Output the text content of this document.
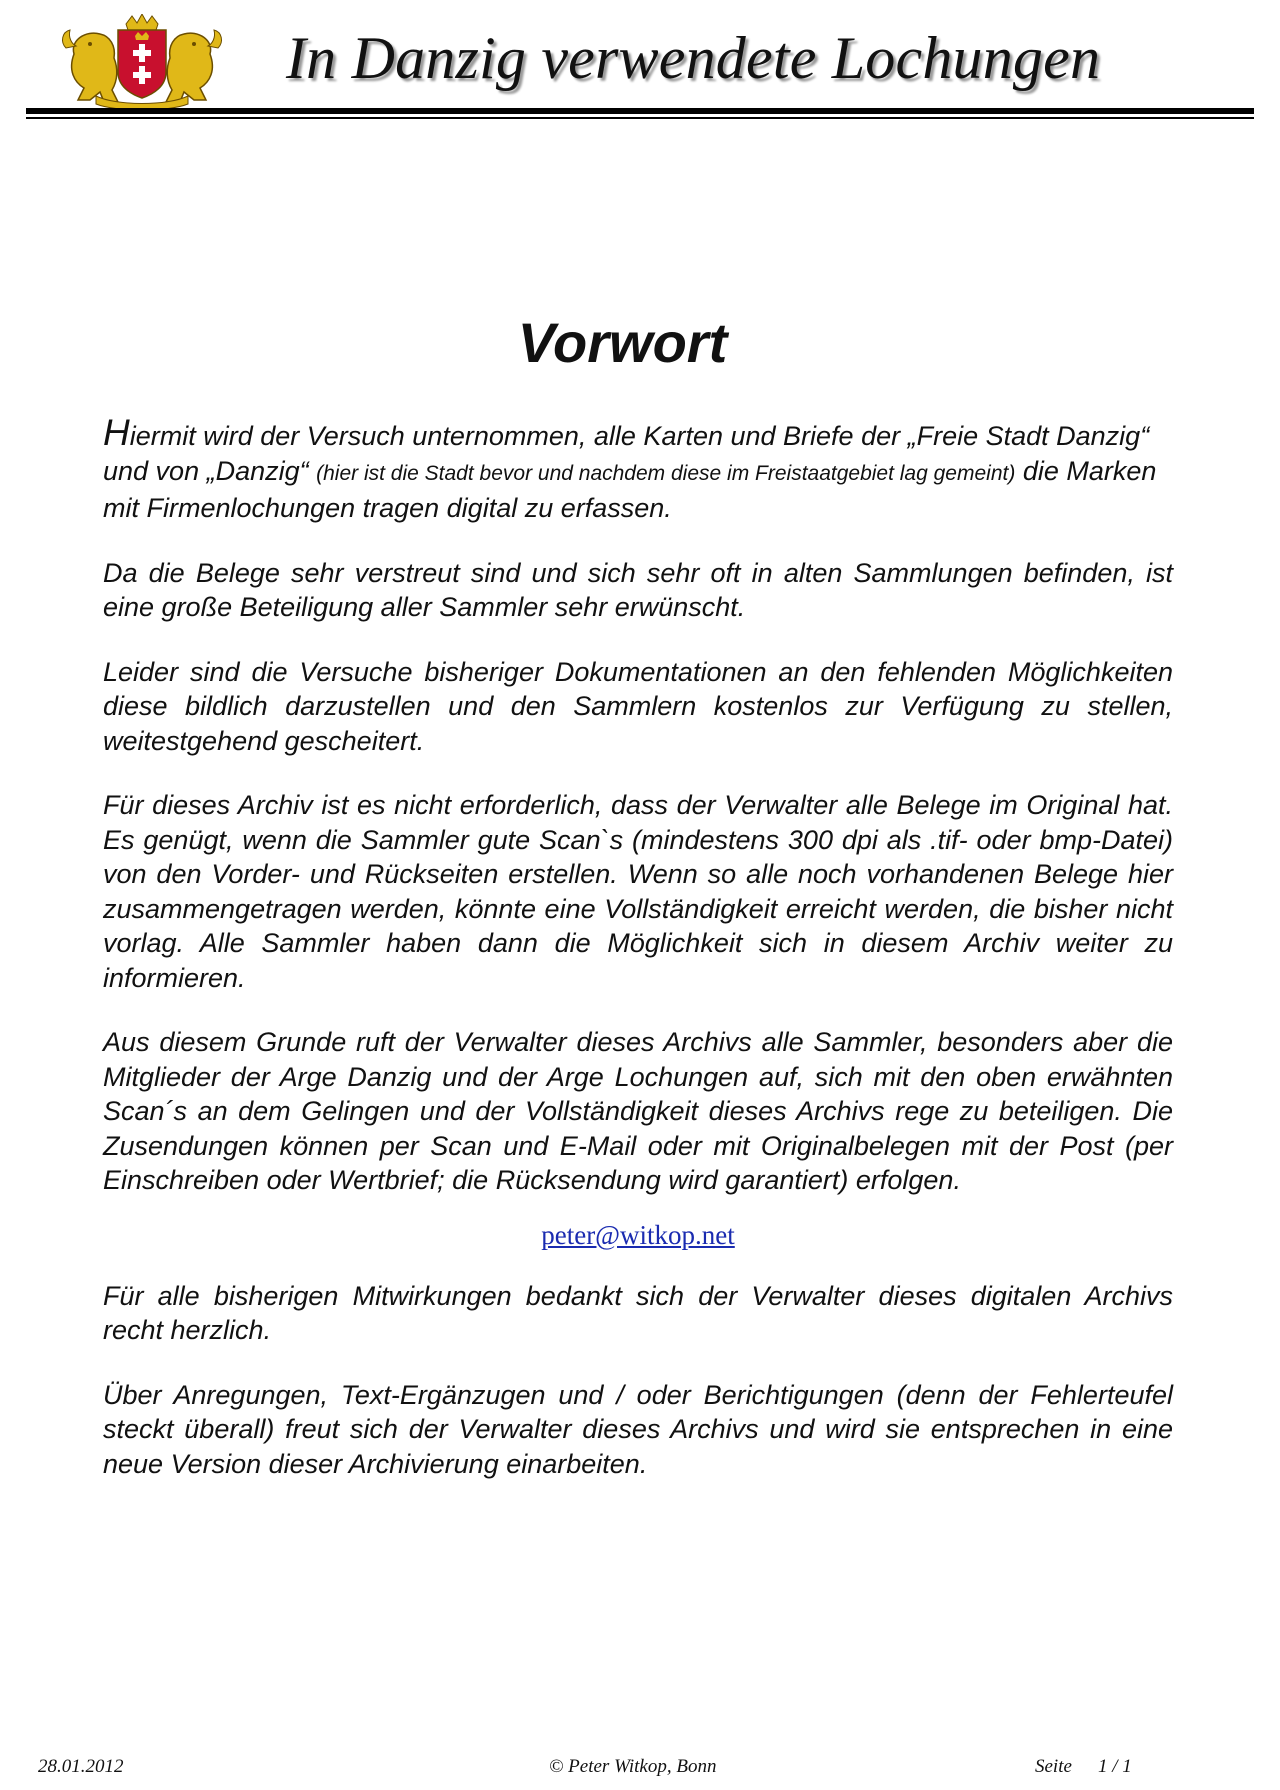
In Danzig verwendete Lochungen
Vorwort

Hiermit wird der Versuch unternommen, alle Karten und Briefe der „Freie Stadt Danzig“ und von „Danzig“ (hier ist die Stadt bevor und nachdem diese im Freistaatgebiet lag gemeint) die Marken mit Firmenlochungen tragen digital zu erfassen.

Da die Belege sehr verstreut sind und sich sehr oft in alten Sammlungen befinden, ist eine große Beteiligung aller Sammler sehr erwünscht.

Leider sind die Versuche bisheriger Dokumentationen an den fehlenden Möglichkeiten diese bildlich darzustellen und den Sammlern kostenlos zur Verfügung zu stellen, weitestgehend gescheitert.

Für dieses Archiv ist es nicht erforderlich, dass der Verwalter alle Belege im Original hat. Es genügt, wenn die Sammler gute Scan`s (mindestens 300 dpi als .tif- oder bmp-Datei) von den Vorder- und Rückseiten erstellen. Wenn so alle noch vorhandenen Belege hier zusammengetragen werden, könnte eine Vollständigkeit erreicht werden, die bisher nicht vorlag. Alle Sammler haben dann die Möglichkeit sich in diesem Archiv weiter zu informieren.

Aus diesem Grunde ruft der Verwalter dieses Archivs alle Sammler, besonders aber die Mitglieder der Arge Danzig und der Arge Lochungen auf, sich mit den oben erwähnten Scan´s an dem Gelingen und der Vollständigkeit dieses Archivs rege zu beteiligen. Die Zusendungen können per Scan und E-Mail oder mit Originalbelegen mit der Post (per Einschreiben oder Wertbrief; die Rücksendung wird garantiert) erfolgen.

peter@witkop.net

Für alle bisherigen Mitwirkungen bedankt sich der Verwalter dieses digitalen Archivs recht herzlich.

Über Anregungen, Text-Ergänzugen und / oder Berichtigungen (denn der Fehlerteufel steckt überall) freut sich der Verwalter dieses Archivs und wird sie entsprechen in eine neue Version dieser Archivierung einarbeiten.

28.01.2012	© Peter Witkop, Bonn	Seite 1 / 1
